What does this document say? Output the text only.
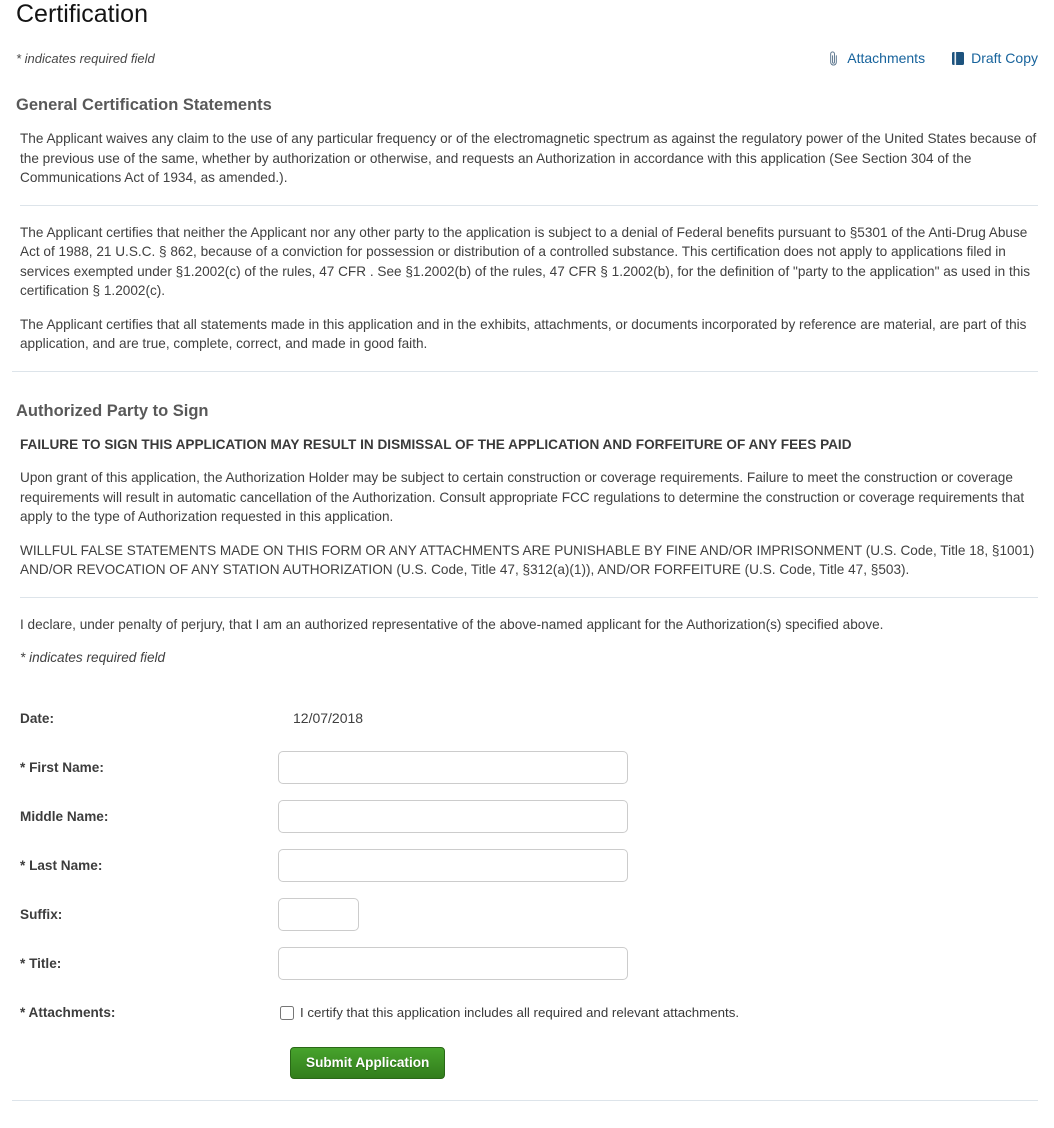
Certification
* indicates required field	Attachments	Draft Copy
General Certification Statements

The Applicant waives any claim to the use of any particular frequency or of the electromagnetic spectrum as against the regulatory power of the United States because of the previous use of the same, whether by authorization or otherwise, and requests an Authorization in accordance with this application (See Section 304 of the Communications Act of 1934, as amended.).

The Applicant certifies that neither the Applicant nor any other party to the application is subject to a denial of Federal benefits pursuant to §5301 of the Anti-Drug Abuse Act of 1988, 21 U.S.C. § 862, because of a conviction for possession or distribution of a controlled substance. This certification does not apply to applications filed in services exempted under §1.2002(c) of the rules, 47 CFR . See §1.2002(b) of the rules, 47 CFR § 1.2002(b), for the definition of "party to the application" as used in this certification § 1.2002(c).

The Applicant certifies that all statements made in this application and in the exhibits, attachments, or documents incorporated by reference are material, are part of this application, and are true, complete, correct, and made in good faith.

Authorized Party to Sign

FAILURE TO SIGN THIS APPLICATION MAY RESULT IN DISMISSAL OF THE APPLICATION AND FORFEITURE OF ANY FEES PAID

Upon grant of this application, the Authorization Holder may be subject to certain construction or coverage requirements. Failure to meet the construction or coverage requirements will result in automatic cancellation of the Authorization. Consult appropriate FCC regulations to determine the construction or coverage requirements that apply to the type of Authorization requested in this application.

WILLFUL FALSE STATEMENTS MADE ON THIS FORM OR ANY ATTACHMENTS ARE PUNISHABLE BY FINE AND/OR IMPRISONMENT (U.S. Code, Title 18, §1001) AND/OR REVOCATION OF ANY STATION AUTHORIZATION (U.S. Code, Title 47, §312(a)(1)), AND/OR FORFEITURE (U.S. Code, Title 47, §503).

I declare, under penalty of perjury, that I am an authorized representative of the above-named applicant for the Authorization(s) specified above.

* indicates required field

Date:	12/07/2018
* First Name:
Middle Name:
* Last Name:
Suffix:
* Title:
* Attachments:	I certify that this application includes all required and relevant attachments.
Submit Application
